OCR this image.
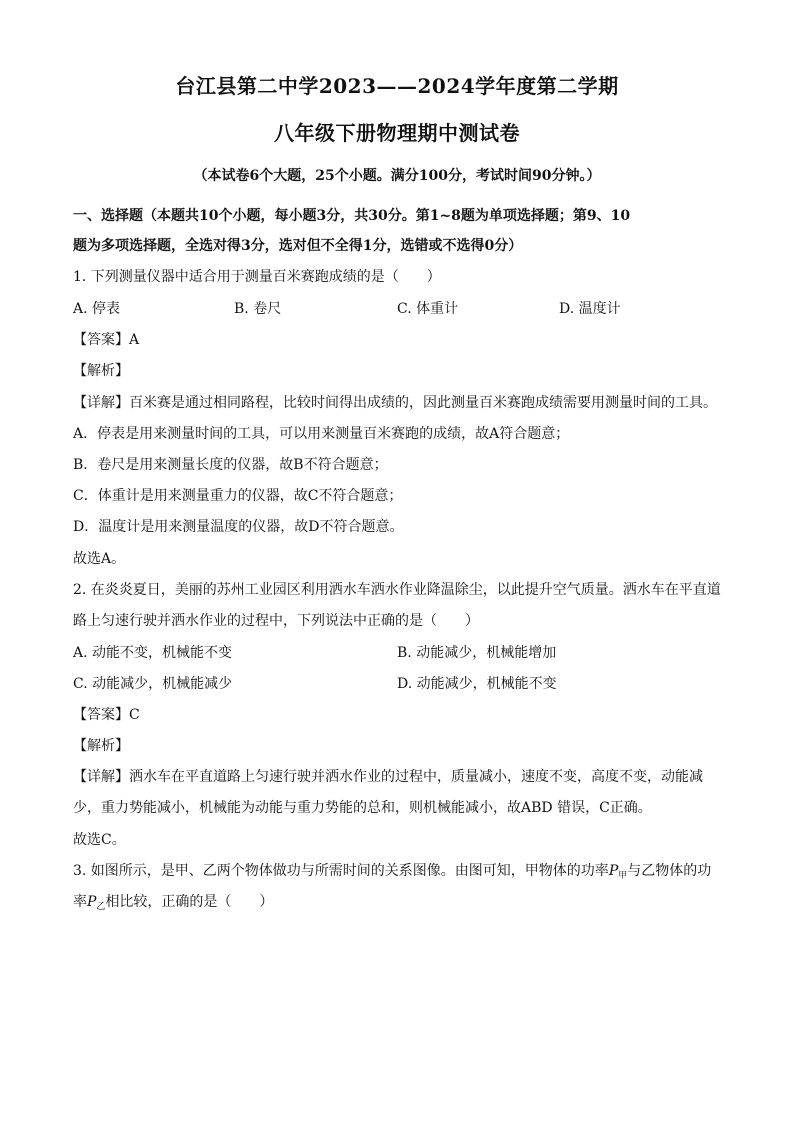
台江县第二中学2023——2024学年度第二学期
八年级下册物理期中测试卷
（本试卷6个大题，25个小题。满分100分，考试时间90分钟。）
一、选择题（本题共10个小题，每小题3分，共30分。第1~8题为单项选择题；第9、10
题为多项选择题，全选对得3分，选对但不全得1分，选错或不选得0分）
1. 下列测量仪器中适合用于测量百米赛跑成绩的是（　　）
A. 停表	B. 卷尺	C. 体重计	D. 温度计
【答案】A
【解析】
【详解】百米赛是通过相同路程，比较时间得出成绩的，因此测量百米赛跑成绩需要用测量时间的工具。
A．停表是用来测量时间的工具，可以用来测量百米赛跑的成绩，故A符合题意；
B．卷尺是用来测量长度的仪器，故B不符合题意；
C．体重计是用来测量重力的仪器，故C不符合题意；
D．温度计是用来测量温度的仪器，故D不符合题意。
故选A。
2. 在炎炎夏日，美丽的苏州工业园区利用洒水车洒水作业降温除尘，以此提升空气质量。洒水车在平直道
路上匀速行驶并洒水作业的过程中，下列说法中正确的是（　　）
A. 动能不变，机械能不变	B. 动能减少，机械能增加
C. 动能减少，机械能减少	D. 动能减少，机械能不变
【答案】C
【解析】
【详解】洒水车在平直道路上匀速行驶并洒水作业的过程中，质量减小，速度不变，高度不变，动能减
少，重力势能减小，机械能为动能与重力势能的总和，则机械能减小，故ABD 错误，C正确。
故选C。
3. 如图所示，是甲、乙两个物体做功与所需时间的关系图像。由图可知，甲物体的功率$P_甲$与乙物体的功
率$P_乙$相比较，正确的是（　　）
